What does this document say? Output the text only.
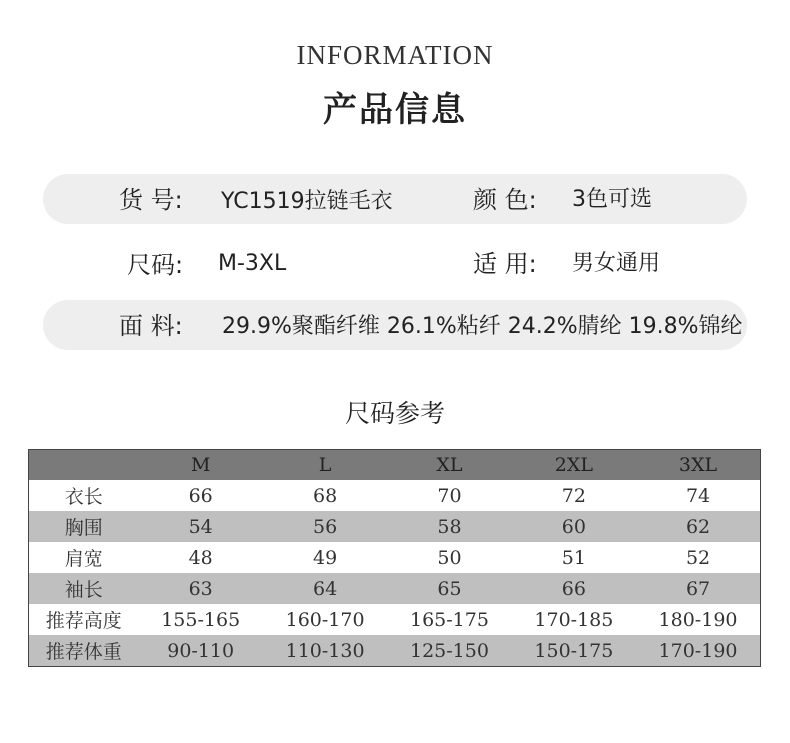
INFORMATION
产品信息
货 号: YC1519拉链毛衣	颜 色: 3色可选
尺码: M-3XL	适 用: 男女通用
面 料: 29.9%聚酯纤维 26.1%粘纤 24.2%腈纶 19.8%锦纶
尺码参考
	M	L	XL	2XL	3XL
衣长	66	68	70	72	74
胸围	54	56	58	60	62
肩宽	48	49	50	51	52
袖长	63	64	65	66	67
推荐高度	155-165	160-170	165-175	170-185	180-190
推荐体重	90-110	110-130	125-150	150-175	170-190
